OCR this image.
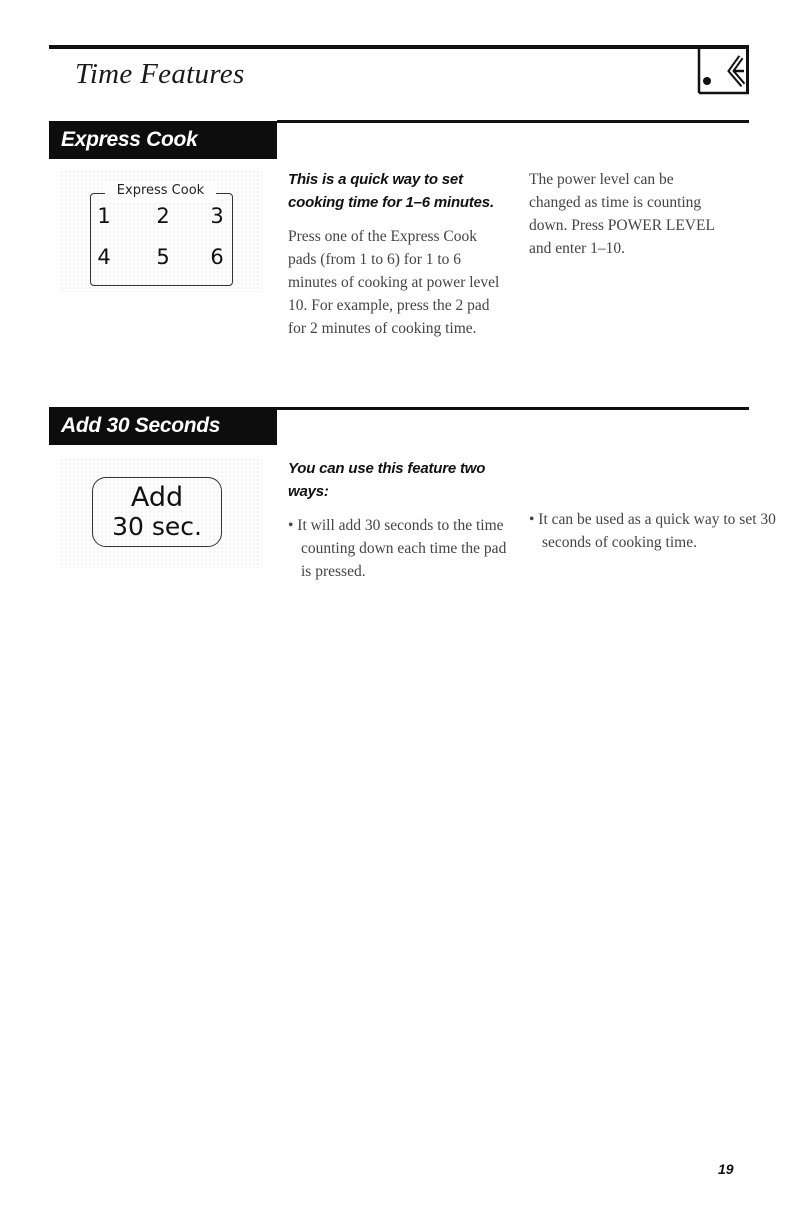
Time Features
Express Cook
Express Cook
1 2 3
4 5 6

This is a quick way to set cooking time for 1–6 minutes.

Press one of the Express Cook pads (from 1 to 6) for 1 to 6 minutes of cooking at power level 10. For example, press the 2 pad for 2 minutes of cooking time.

The power level can be changed as time is counting down. Press POWER LEVEL and enter 1–10.

Add 30 Seconds
Add
30 sec.

You can use this feature two ways:

• It will add 30 seconds to the time counting down each time the pad is pressed.

• It can be used as a quick way to set 30 seconds of cooking time.

19
